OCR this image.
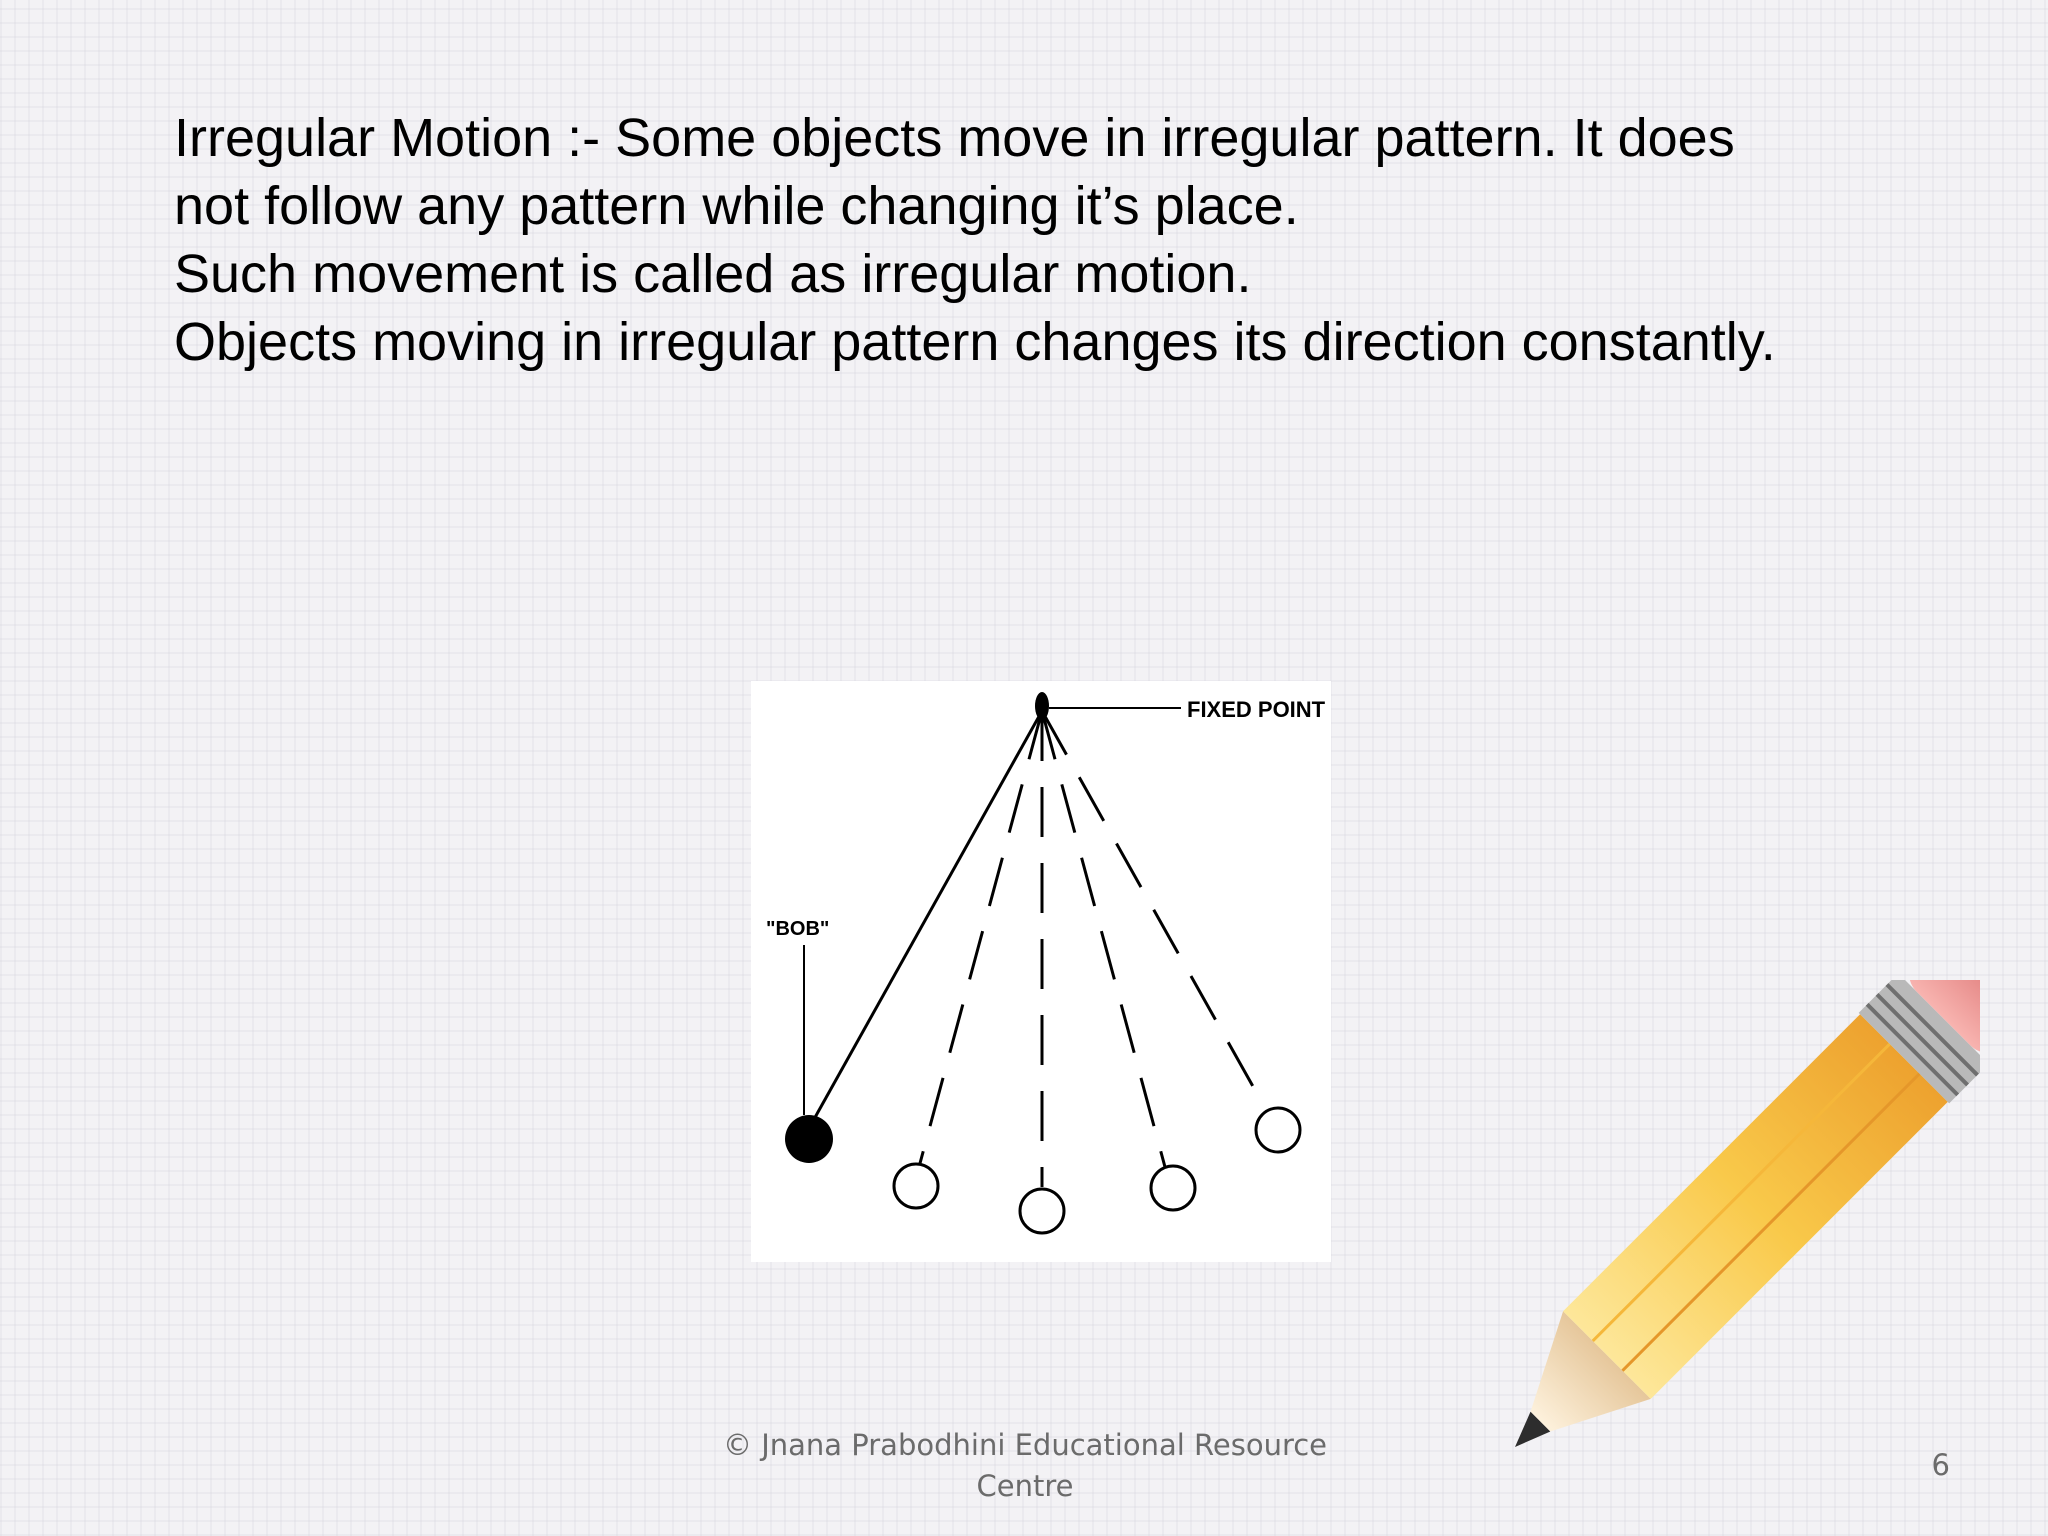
Irregular Motion :- Some objects move in irregular pattern. It does
not follow any pattern while changing it’s place.
Such movement is called as irregular motion.
Objects moving in irregular pattern changes its direction constantly.
FIXED POINT
"BOB"
© Jnana Prabodhini Educational Resource
Centre
6
